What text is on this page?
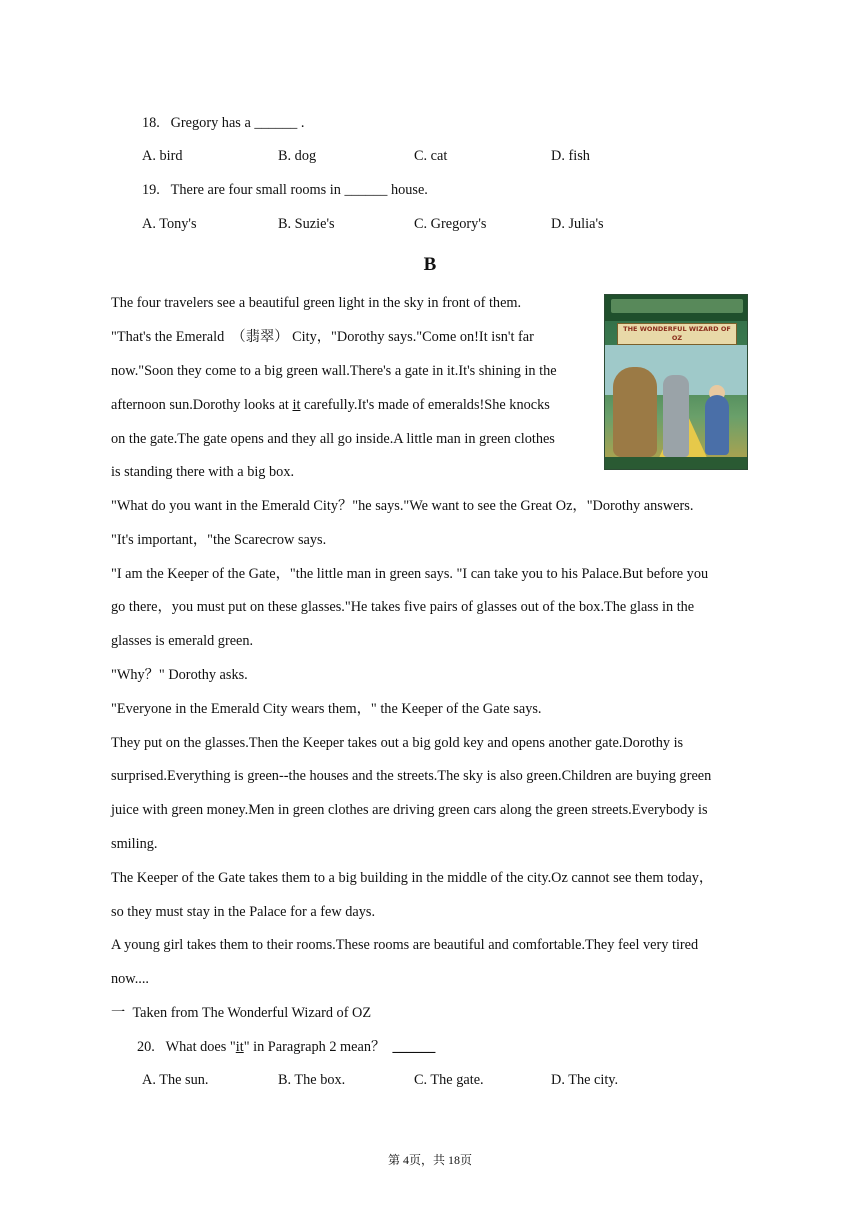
18.   Gregory has a ______ .
A. bird	B. dog	C. cat	D. fish
19.   There are four small rooms in ______ house.
A. Tony's	B. Suzie's	C. Gregory's	D. Julia's
B
THE WONDERFUL WIZARD OF OZ
The four travelers see a beautiful green light in the sky in front of them.
"That's the Emerald  （翡翠） City，"Dorothy says."Come on!It isn't far
now."Soon they come to a big green wall.There's a gate in it.It's shining in the
afternoon sun.Dorothy looks at it carefully.It's made of emeralds!She knocks
on the gate.The gate opens and they all go inside.A little man in green clothes
is standing there with a big box.
"What do you want in the Emerald City？"he says."We want to see the Great Oz，"Dorothy answers.
"It's important，"the Scarecrow says.
"I am the Keeper of the Gate，"the little man in green says. "I can take you to his Palace.But before you
go there，you must put on these glasses."He takes five pairs of glasses out of the box.The glass in the
glasses is emerald green.
"Why？" Dorothy asks.
"Everyone in the Emerald City wears them，" the Keeper of the Gate says.
They put on the glasses.Then the Keeper takes out a big gold key and opens another gate.Dorothy is
surprised.Everything is green--the houses and the streets.The sky is also green.Children are buying green
juice with green money.Men in green clothes are driving green cars along the green streets.Everybody is
smiling.
The Keeper of the Gate takes them to a big building in the middle of the city.Oz cannot see them today，
so they must stay in the Palace for a few days.
A young girl takes them to their rooms.These rooms are beautiful and comfortable.They feel very tired
now....
一  Taken from The Wonderful Wizard of OZ
20.   What does "it" in Paragraph 2 mean？  ______
A. The sun.	B. The box.	C. The gate.	D. The city.
第 4页，共 18页
